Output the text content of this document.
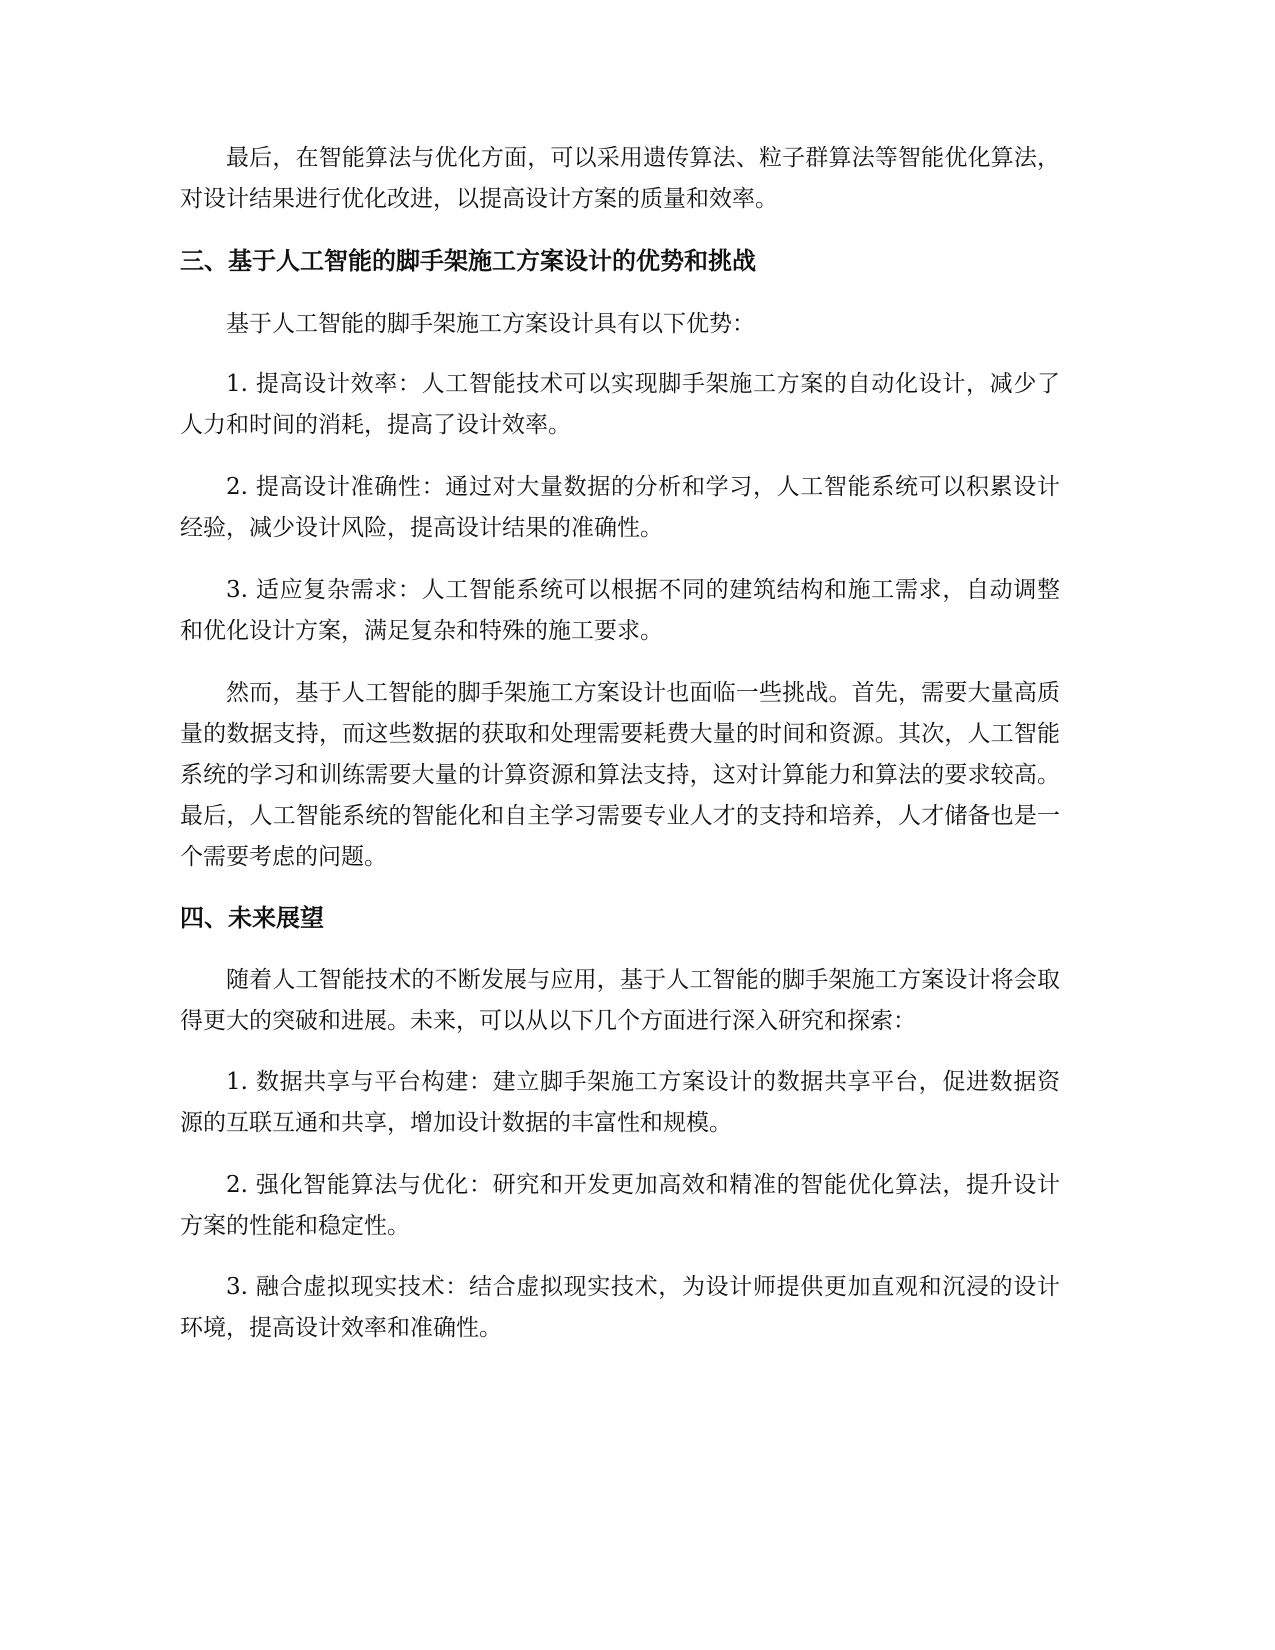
最后，在智能算法与优化方面，可以采用遗传算法、粒子群算法等智能优化算法，对设计结果进行优化改进，以提高设计方案的质量和效率。

三、基于人工智能的脚手架施工方案设计的优势和挑战

基于人工智能的脚手架施工方案设计具有以下优势：

1. 提高设计效率：人工智能技术可以实现脚手架施工方案的自动化设计，减少了人力和时间的消耗，提高了设计效率。

2. 提高设计准确性：通过对大量数据的分析和学习，人工智能系统可以积累设计经验，减少设计风险，提高设计结果的准确性。

3. 适应复杂需求：人工智能系统可以根据不同的建筑结构和施工需求，自动调整和优化设计方案，满足复杂和特殊的施工要求。

然而，基于人工智能的脚手架施工方案设计也面临一些挑战。首先，需要大量高质量的数据支持，而这些数据的获取和处理需要耗费大量的时间和资源。其次，人工智能系统的学习和训练需要大量的计算资源和算法支持，这对计算能力和算法的要求较高。最后，人工智能系统的智能化和自主学习需要专业人才的支持和培养，人才储备也是一个需要考虑的问题。

四、未来展望

随着人工智能技术的不断发展与应用，基于人工智能的脚手架施工方案设计将会取得更大的突破和进展。未来，可以从以下几个方面进行深入研究和探索：

1. 数据共享与平台构建：建立脚手架施工方案设计的数据共享平台，促进数据资源的互联互通和共享，增加设计数据的丰富性和规模。

2. 强化智能算法与优化：研究和开发更加高效和精准的智能优化算法，提升设计方案的性能和稳定性。

3. 融合虚拟现实技术：结合虚拟现实技术，为设计师提供更加直观和沉浸的设计环境，提高设计效率和准确性。
